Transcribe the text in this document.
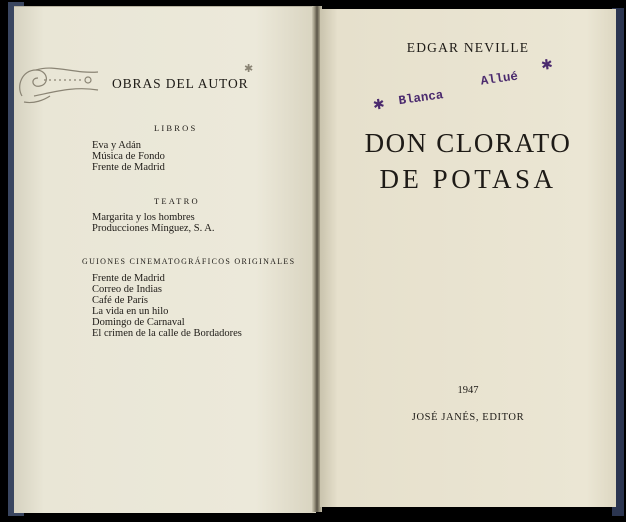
✱
OBRAS DEL AUTOR
LIBROS
Eva y Adán
Música de Fondo
Frente de Madrid
TEATRO
Margarita y los hombres
Producciones Mínguez, S. A.
GUIONES CINEMATOGRÁFICOS ORIGINALES
Frente de Madrid
Correo de Indias
Café de París
La vida en un hilo
Domingo de Carnaval
El crimen de la calle de Bordadores
EDGAR NEVILLE
✱ Blanca
Allué
✱
DON CLORATO
DE POTASA
1947
JOSÉ JANÉS, EDITOR
